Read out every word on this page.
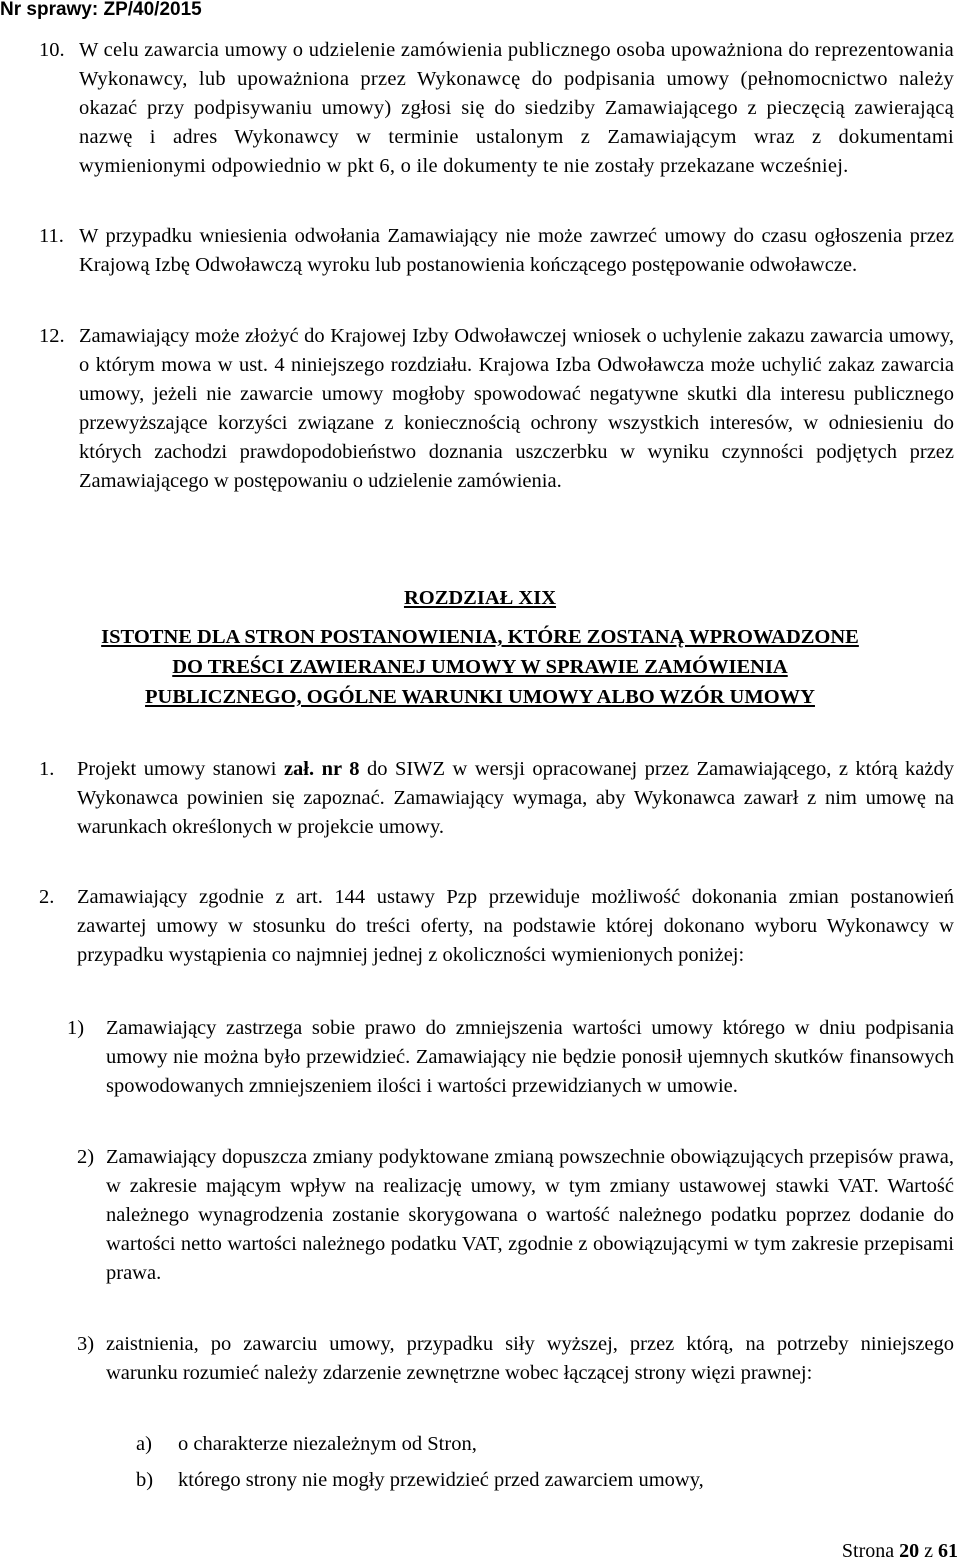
Nr sprawy: ZP/40/2015
10. W celu zawarcia umowy o udzielenie zamówienia publicznego osoba upoważniona do reprezentowania Wykonawcy, lub upoważniona przez Wykonawcę do podpisania umowy (pełnomocnictwo należy okazać przy podpisywaniu umowy) zgłosi się do siedziby Zamawiającego z pieczęcią zawierającą nazwę i adres Wykonawcy w terminie ustalonym z Zamawiającym wraz z dokumentami wymienionymi odpowiednio w pkt 6, o ile dokumenty te nie zostały przekazane wcześniej.
11. W przypadku wniesienia odwołania Zamawiający nie może zawrzeć umowy do czasu ogłoszenia przez Krajową Izbę Odwoławczą wyroku lub postanowienia kończącego postępowanie odwoławcze.
12. Zamawiający może złożyć do Krajowej Izby Odwoławczej wniosek o uchylenie zakazu zawarcia umowy, o którym mowa w ust. 4 niniejszego rozdziału. Krajowa Izba Odwoławcza może uchylić zakaz zawarcia umowy, jeżeli nie zawarcie umowy mogłoby spowodować negatywne skutki dla interesu publicznego przewyższające korzyści związane z koniecznością ochrony wszystkich interesów, w odniesieniu do których zachodzi prawdopodobieństwo doznania uszczerbku w wyniku czynności podjętych przez Zamawiającego w postępowaniu o udzielenie zamówienia.
ROZDZIAŁ XIX
ISTOTNE DLA STRON POSTANOWIENIA, KTÓRE ZOSTANĄ WPROWADZONE
DO TREŚCI ZAWIERANEJ UMOWY W SPRAWIE ZAMÓWIENIA
PUBLICZNEGO, OGÓLNE WARUNKI UMOWY ALBO WZÓR UMOWY
1. Projekt umowy stanowi zał. nr 8 do SIWZ w wersji opracowanej przez Zamawiającego, z którą każdy Wykonawca powinien się zapoznać. Zamawiający wymaga, aby Wykonawca zawarł z nim umowę na warunkach określonych w projekcie umowy.
2. Zamawiający zgodnie z art. 144 ustawy Pzp przewiduje możliwość dokonania zmian postanowień zawartej umowy w stosunku do treści oferty, na podstawie której dokonano wyboru Wykonawcy w przypadku wystąpienia co najmniej jednej z okoliczności wymienionych poniżej:
1) Zamawiający zastrzega sobie prawo do zmniejszenia wartości umowy którego w dniu podpisania umowy nie można było przewidzieć. Zamawiający nie będzie ponosił ujemnych skutków finansowych spowodowanych zmniejszeniem ilości i wartości przewidzianych w umowie.
2) Zamawiający dopuszcza zmiany podyktowane zmianą powszechnie obowiązujących przepisów prawa, w zakresie mającym wpływ na realizację umowy, w tym zmiany ustawowej stawki VAT. Wartość należnego wynagrodzenia zostanie skorygowana o wartość należnego podatku poprzez dodanie do wartości netto wartości należnego podatku VAT, zgodnie z obowiązującymi w tym zakresie przepisami prawa.
3) zaistnienia, po zawarciu umowy, przypadku siły wyższej, przez którą, na potrzeby niniejszego warunku rozumieć należy zdarzenie zewnętrzne wobec łączącej strony więzi prawnej:
a) o charakterze niezależnym od Stron,
b) którego strony nie mogły przewidzieć przed zawarciem umowy,
Strona 20 z 61
